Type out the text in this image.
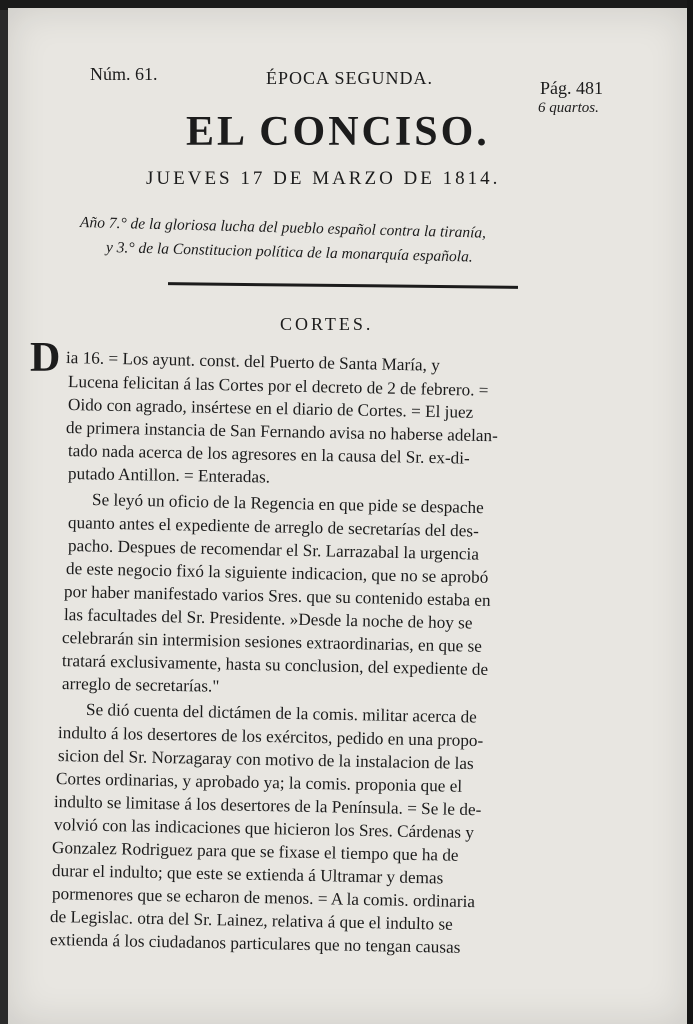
Núm. 61.	ÉPOCA SEGUNDA.	Pág. 481
6 quartos.
EL CONCISO.
JUEVES 17 DE MARZO DE 1814.
Año 7.° de la gloriosa lucha del pueblo español contra la tiranía,
y 3.° de la Constitucion política de la monarquía española.
CORTES.
D ia 16. = Los ayunt. const. del Puerto de Santa María, y
Lucena felicitan á las Cortes por el decreto de 2 de febrero. =
Oido con agrado, insértese en el diario de Cortes. = El juez
de primera instancia de San Fernando avisa no haberse adelan-
tado nada acerca de los agresores en la causa del Sr. ex-di-
putado Antillon. = Enteradas.
Se leyó un oficio de la Regencia en que pide se despache
quanto antes el expediente de arreglo de secretarías del des-
pacho. Despues de recomendar el Sr. Larrazabal la urgencia
de este negocio fixó la siguiente indicacion, que no se aprobó
por haber manifestado varios Sres. que su contenido estaba en
las facultades del Sr. Presidente. »Desde la noche de hoy se
celebrarán sin intermision sesiones extraordinarias, en que se
tratará exclusivamente, hasta su conclusion, del expediente de
arreglo de secretarías."
Se dió cuenta del dictámen de la comis. militar acerca de
indulto á los desertores de los exércitos, pedido en una propo-
sicion del Sr. Norzagaray con motivo de la instalacion de las
Cortes ordinarias, y aprobado ya; la comis. proponia que el
indulto se limitase á los desertores de la Península. = Se le de-
volvió con las indicaciones que hicieron los Sres. Cárdenas y
Gonzalez Rodriguez para que se fixase el tiempo que ha de
durar el indulto; que este se extienda á Ultramar y demas
pormenores que se echaron de menos. = A la comis. ordinaria
de Legislac. otra del Sr. Lainez, relativa á que el indulto se
extienda á los ciudadanos particulares que no tengan causas
